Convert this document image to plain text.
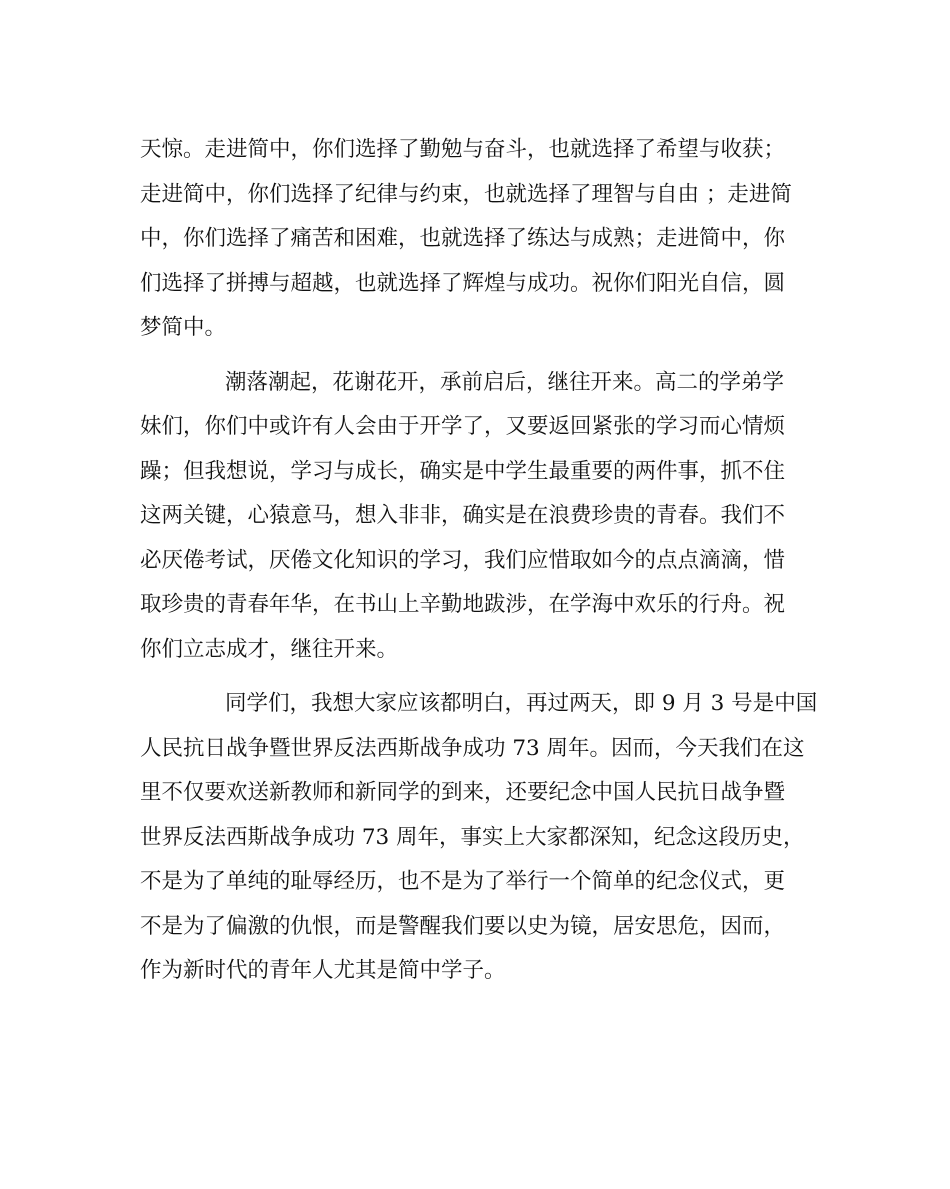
天惊。走进简中，你们选择了勤勉与奋斗，也就选择了希望与收获；
走进简中，你们选择了纪律与约束，也就选择了理智与自由 ；走进简
中，你们选择了痛苦和困难，也就选择了练达与成熟；走进简中，你
们选择了拼搏与超越，也就选择了辉煌与成功。祝你们阳光自信，圆
梦简中。
潮落潮起，花谢花开，承前启后，继往开来。高二的学弟学
妹们，你们中或许有人会由于开学了，又要返回紧张的学习而心情烦
躁；但我想说，学习与成长，确实是中学生最重要的两件事，抓不住
这两关键，心猿意马，想入非非，确实是在浪费珍贵的青春。我们不
必厌倦考试，厌倦文化知识的学习，我们应惜取如今的点点滴滴，惜
取珍贵的青春年华，在书山上辛勤地跋涉，在学海中欢乐的行舟。祝
你们立志成才，继往开来。
同学们，我想大家应该都明白，再过两天，即 9 月 3 号是中国
人民抗日战争暨世界反法西斯战争成功 73 周年。因而，今天我们在这
里不仅要欢送新教师和新同学的到来，还要纪念中国人民抗日战争暨
世界反法西斯战争成功 73 周年，事实上大家都深知，纪念这段历史，
不是为了单纯的耻辱经历，也不是为了举行一个简单的纪念仪式，更
不是为了偏激的仇恨，而是警醒我们要以史为镜，居安思危，因而，
作为新时代的青年人尤其是简中学子。
